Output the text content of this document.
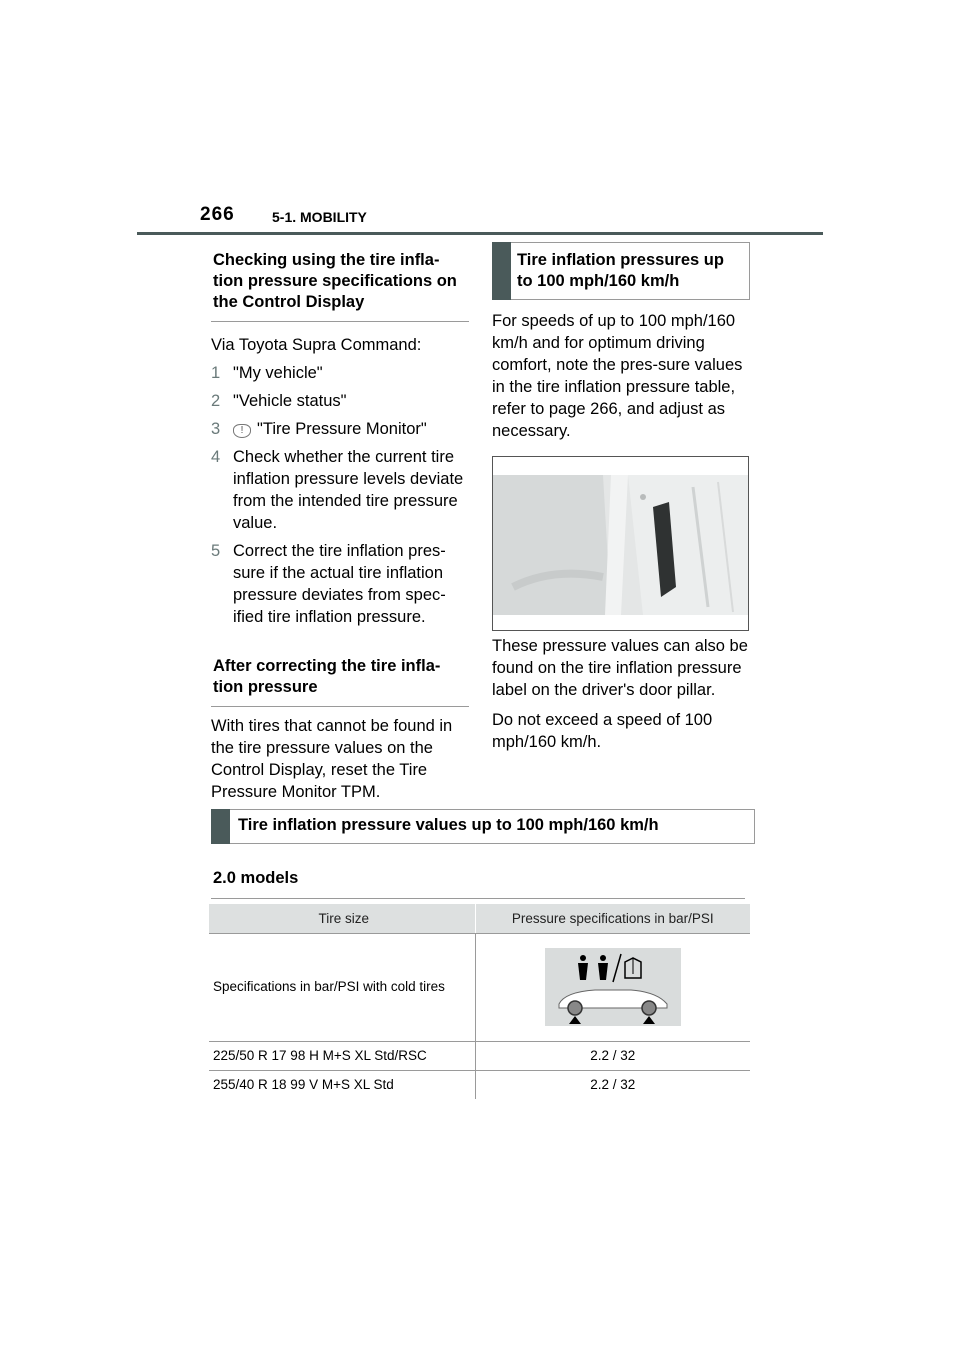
266	5-1. MOBILITY
Checking using the tire infla-tion pressure specifications on the Control Display

Via Toyota Supra Command:

1 "My vehicle"
2 "Vehicle status"
3 ! "Tire Pressure Monitor"
4 Check whether the current tire inflation pressure levels deviate from the intended tire pressure value.
5 Correct the tire inflation pres-sure if the actual tire inflation pressure deviates from spec-ified tire inflation pressure.
After correcting the tire infla-tion pressure

With tires that cannot be found in the tire pressure values on the Control Display, reset the Tire Pressure Monitor TPM.

Tire inflation pressures up to 100 mph/160 km/h

For speeds of up to 100 mph/160 km/h and for optimum driving comfort, note the pres-sure values in the tire inflation pressure table, refer to page 266, and adjust as necessary.

These pressure values can also be found on the tire inflation pressure label on the driver's door pillar.

Do not exceed a speed of 100 mph/160 km/h.

Tire inflation pressure values up to 100 mph/160 km/h
2.0 models
Tire size	Pressure specifications in bar/PSI

Specifications in bar/PSI with cold tires

225/50 R 17 98 H M+S XL Std/RSC	2.2 / 32
255/40 R 18 99 V M+S XL Std	2.2 / 32
